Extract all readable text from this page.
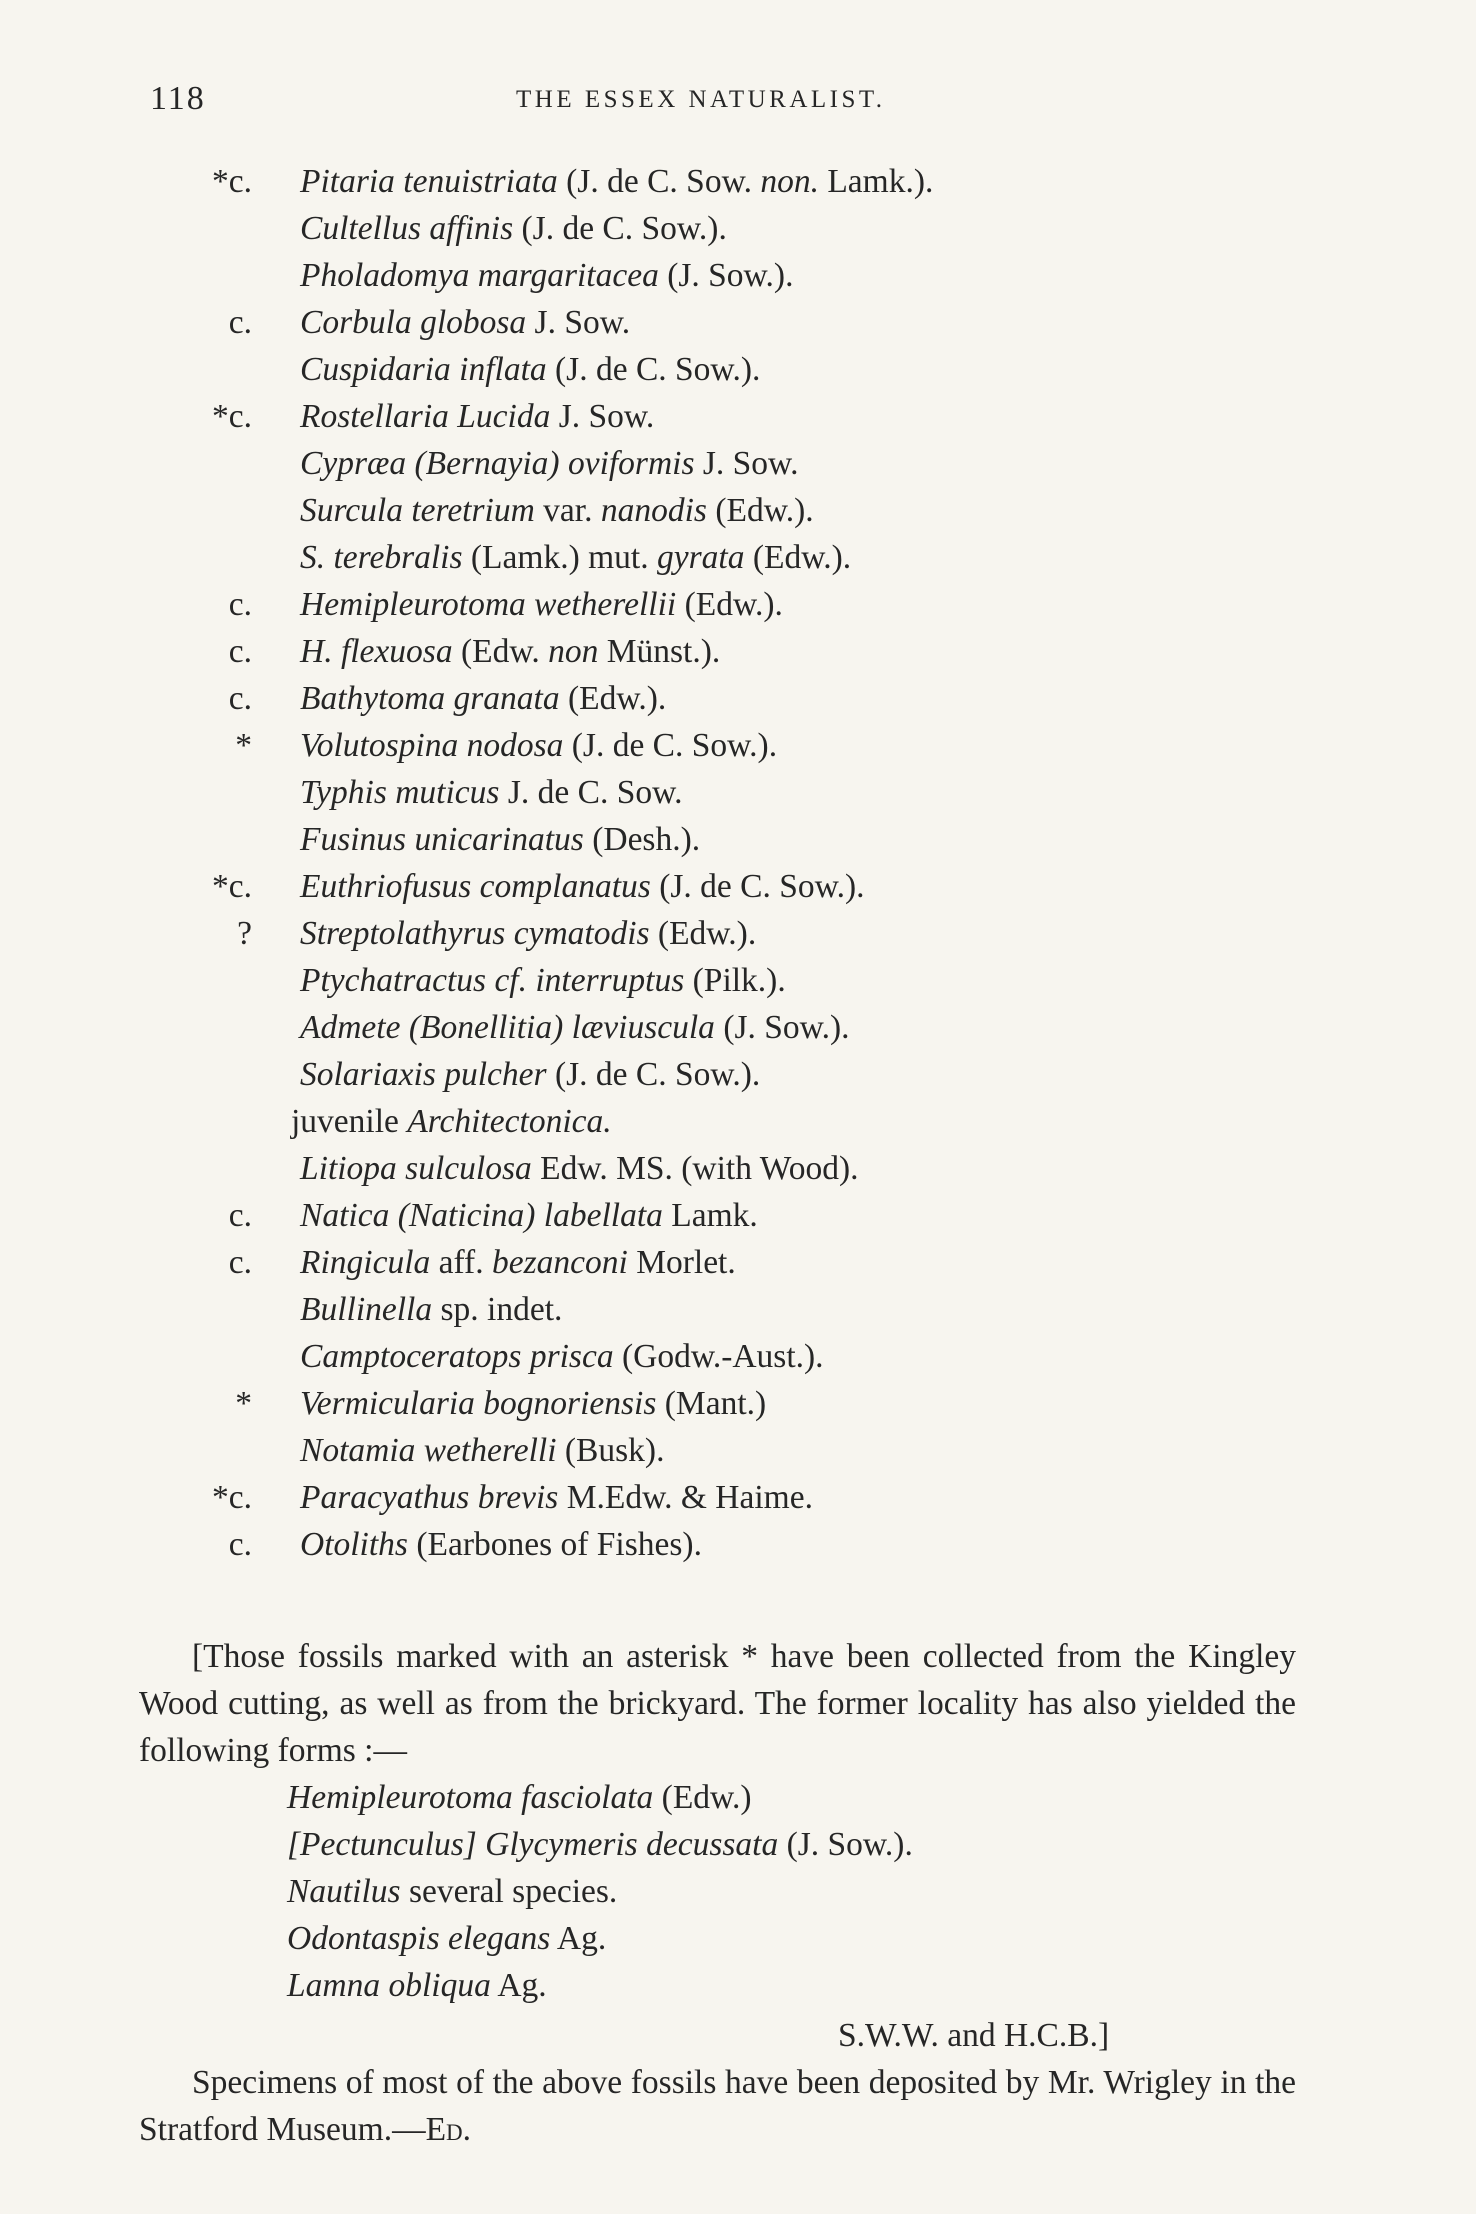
118	THE ESSEX NATURALIST.
*c. Pitaria tenuistriata (J. de C. Sow. non. Lamk.).
Cultellus affinis (J. de C. Sow.).
Pholadomya margaritacea (J. Sow.).
c. Corbula globosa J. Sow.
Cuspidaria inflata (J. de C. Sow.).
*c. Rostellaria Lucida J. Sow.
Cypræa (Bernayia) oviformis J. Sow.
Surcula teretrium var. nanodis (Edw.).
S. terebralis (Lamk.) mut. gyrata (Edw.).
c. Hemipleurotoma wetherellii (Edw.).
c. H. flexuosa (Edw. non Münst.).
c. Bathytoma granata (Edw.).
* Volutospina nodosa (J. de C. Sow.).
Typhis muticus J. de C. Sow.
Fusinus unicarinatus (Desh.).
*c. Euthriofusus complanatus (J. de C. Sow.).
? Streptolathyrus cymatodis (Edw.).
Ptychatractus cf. interruptus (Pilk.).
Admete (Bonellitia) læviuscula (J. Sow.).
Solariaxis pulcher (J. de C. Sow.).
juvenile Architectonica.
Litiopa sulculosa Edw. MS. (with Wood).
c. Natica (Naticina) labellata Lamk.
c. Ringicula aff. bezanconi Morlet.
Bullinella sp. indet.
Camptoceratops prisca (Godw.-Aust.).
* Vermicularia bognoriensis (Mant.)
Notamia wetherelli (Busk).
*c. Paracyathus brevis M.Edw. & Haime.
c. Otoliths (Earbones of Fishes).

[Those fossils marked with an asterisk * have been collected from the Kingley Wood cutting, as well as from the brickyard. The former locality has also yielded the following forms :—

Hemipleurotoma fasciolata (Edw.)
[Pectunculus] Glycymeris decussata (J. Sow.).
Nautilus several species.
Odontaspis elegans Ag.
Lamna obliqua Ag.
S.W.W. and H.C.B.]

Specimens of most of the above fossils have been deposited by Mr. Wrigley in the Stratford Museum.—Ed.
